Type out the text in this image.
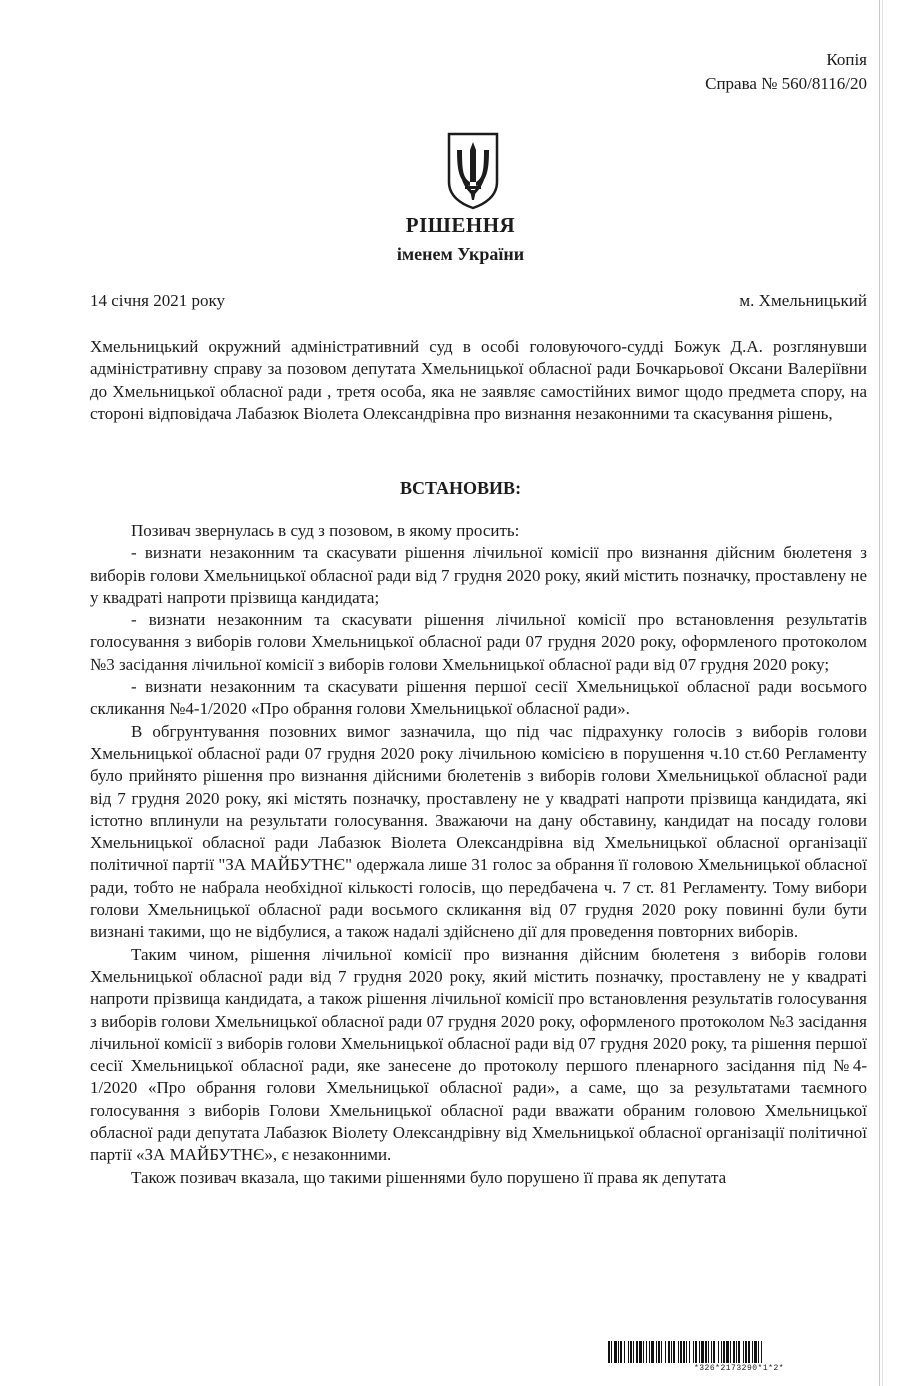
Копія
Справа № 560/8116/20
РІШЕННЯ
іменем України
14 січня 2021 року	м. Хмельницький

Хмельницький окружний адміністративний суд в особі головуючого-судді Божук Д.А. розглянувши адміністративну справу за позовом депутата Хмельницької обласної ради Бочкарьової Оксани Валеріївни до Хмельницької обласної ради , третя особа, яка не заявляє самостійних вимог щодо предмета спору, на стороні відповідача Лабазюк Віолета Олександрівна про визнання незаконними та скасування рішень,

ВСТАНОВИВ:

Позивач звернулась в суд з позовом, в якому просить:

- визнати незаконним та скасувати рішення лічильної комісії про визнання дійсним бюлетеня з виборів голови Хмельницької обласної ради від 7 грудня 2020 року, який містить позначку, проставлену не у квадраті напроти прізвища кандидата;

- визнати незаконним та скасувати рішення лічильної комісії про встановлення результатів голосування з виборів голови Хмельницької обласної ради 07 грудня 2020 року, оформленого протоколом №3 засідання лічильної комісії з виборів голови Хмельницької обласної ради від 07 грудня 2020 року;

- визнати незаконним та скасувати рішення першої сесії Хмельницької обласної ради восьмого скликання №4-1/2020 «Про обрання голови Хмельницької обласної ради».

В обгрунтування позовних вимог зазначила, що під час підрахунку голосів з виборів голови Хмельницької обласної ради 07 грудня 2020 року лічильною комісією в порушення ч.10 ст.60 Регламенту було прийнято рішення про визнання дійсними бюлетенів з виборів голови Хмельницької обласної ради від 7 грудня 2020 року, які містять позначку, проставлену не у квадраті напроти прізвища кандидата, які істотно вплинули на результати голосування. Зважаючи на дану обставину, кандидат на посаду голови Хмельницької обласної ради Лабазюк Віолета Олександрівна від Хмельницької обласної організації політичної партії "ЗА МАЙБУТНЄ" одержала лише 31 голос за обрання її головою Хмельницької обласної ради, тобто не набрала необхідної кількості голосів, що передбачена ч. 7 ст. 81 Регламенту. Тому вибори голови Хмельницької обласної ради восьмого скликання від 07 грудня 2020 року повинні були бути визнані такими, що не відбулися, а також надалі здійснено дії для проведення повторних виборів.

Таким чином, рішення лічильної комісії про визнання дійсним бюлетеня з виборів голови Хмельницької обласної ради від 7 грудня 2020 року, який містить позначку, проставлену не у квадраті напроти прізвища кандидата, а також рішення лічильної комісії про встановлення результатів голосування з виборів голови Хмельницької обласної ради 07 грудня 2020 року, оформленого протоколом №3 засідання лічильної комісії з виборів голови Хмельницької обласної ради від 07 грудня 2020 року, та рішення першої сесії Хмельницької обласної ради, яке занесене до протоколу першого пленарного засідання під №4-1/2020 «Про обрання голови Хмельницької обласної ради», а саме, що за результатами таємного голосування з виборів Голови Хмельницької обласної ради вважати обраним головою Хмельницької обласної ради депутата Лабазюк Віолету Олександрівну від Хмельницької обласної організації політичної партії «ЗА МАЙБУТНЄ», є незаконними.

Також позивач вказала, що такими рішеннями було порушено її права як депутата

*326*2173290*1*2*
